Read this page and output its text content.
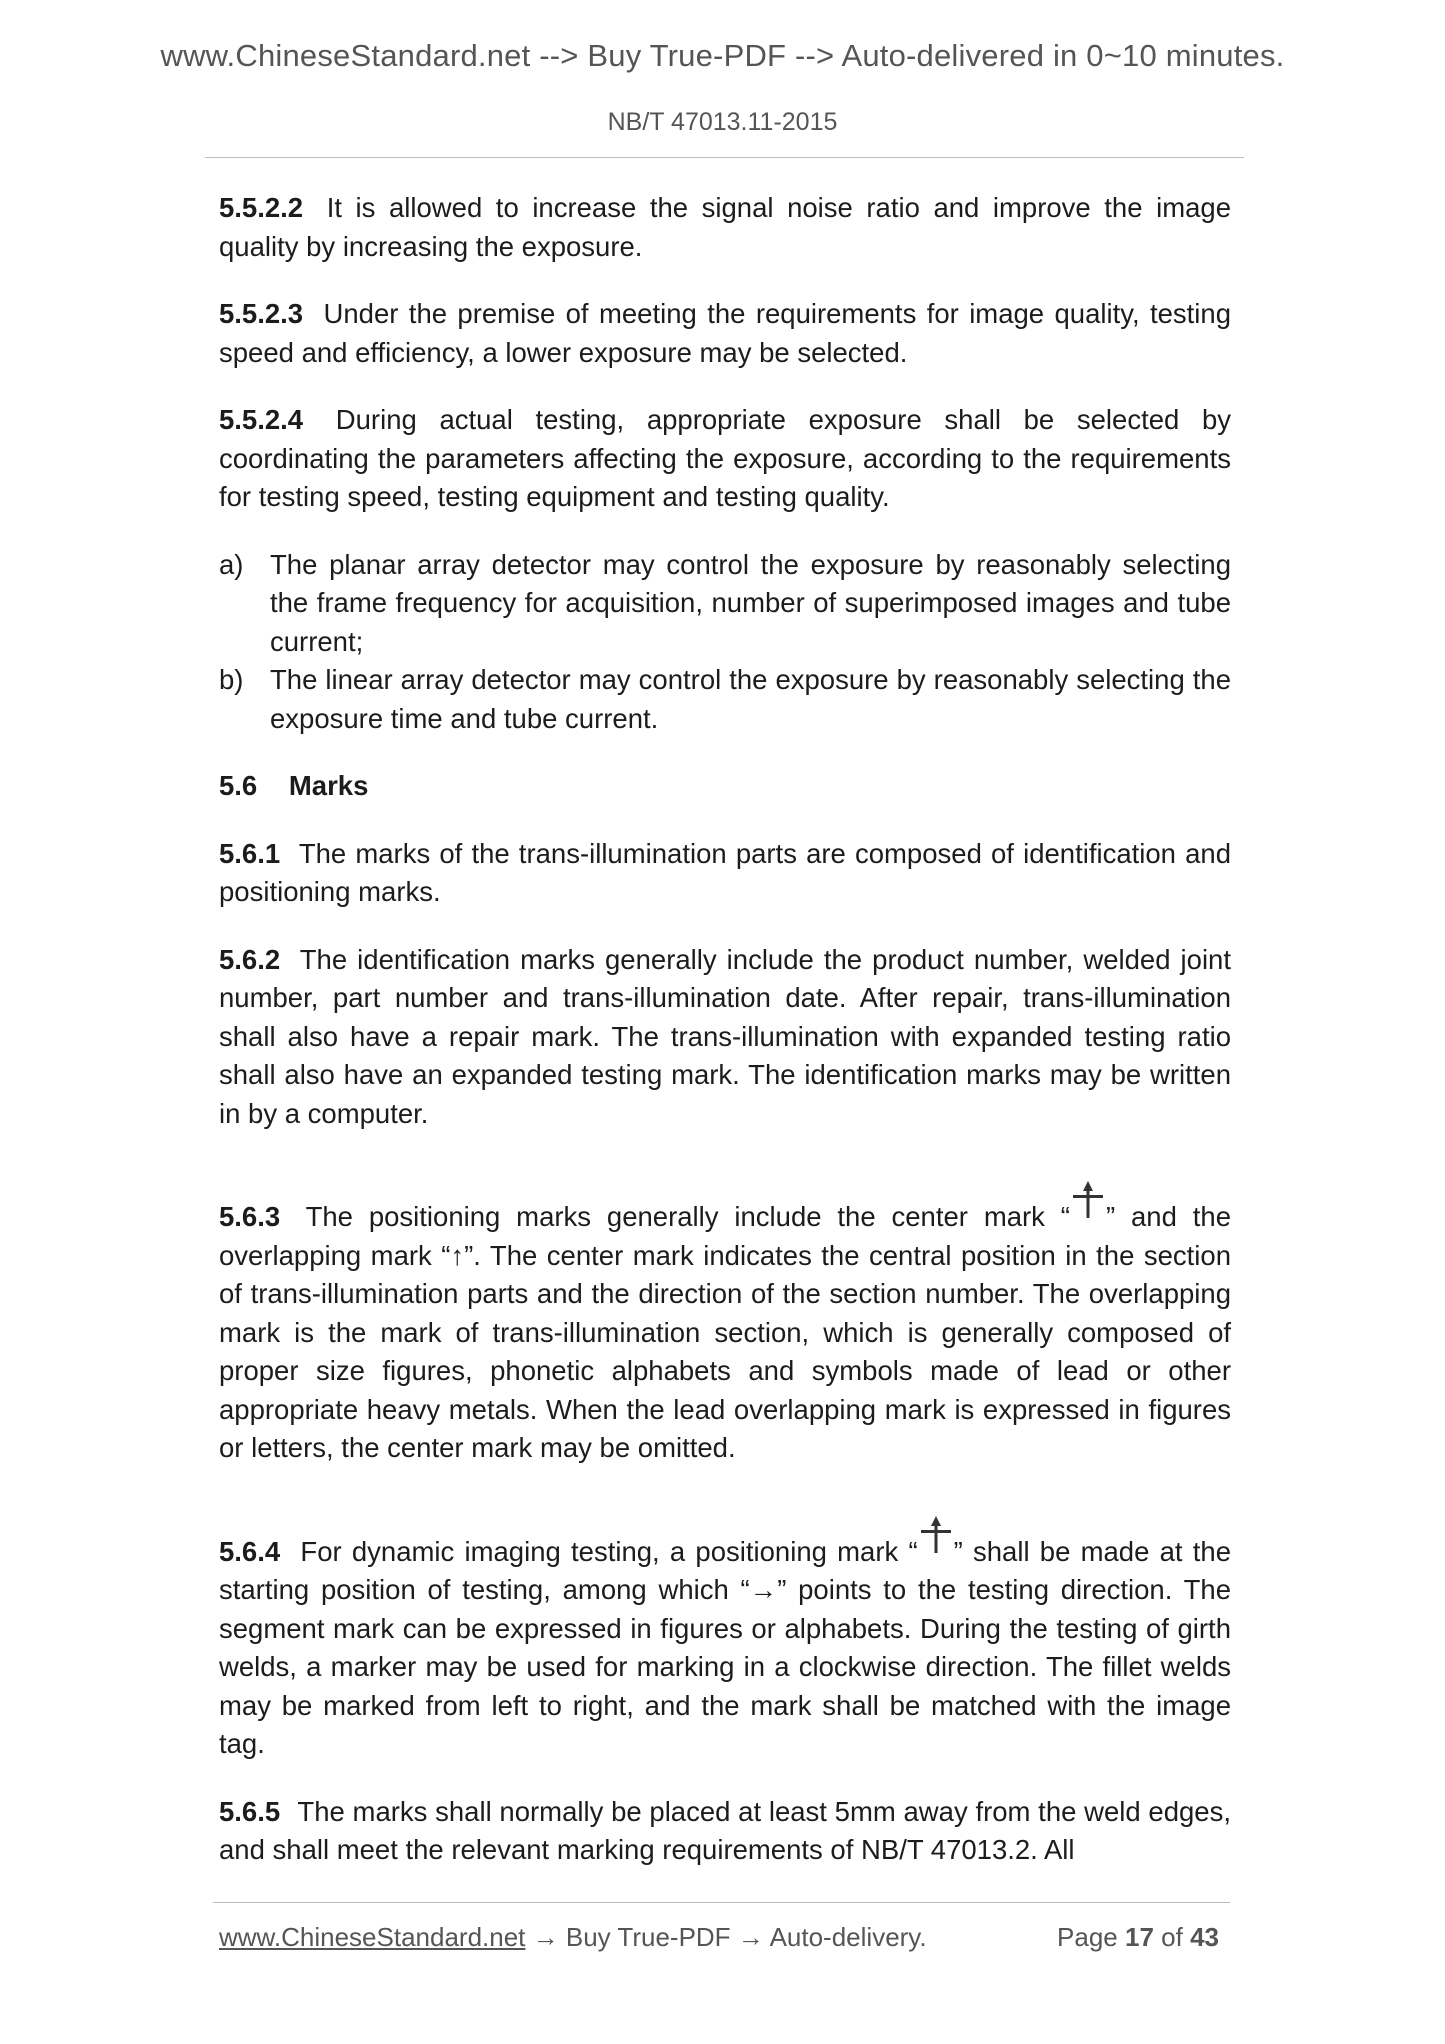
www.ChineseStandard.net --> Buy True-PDF --> Auto-delivered in 0~10 minutes.
NB/T 47013.11-2015

5.5.2.2 It is allowed to increase the signal noise ratio and improve the image quality by increasing the exposure.

5.5.2.3 Under the premise of meeting the requirements for image quality, testing speed and efficiency, a lower exposure may be selected.

5.5.2.4 During actual testing, appropriate exposure shall be selected by coordinating the parameters affecting the exposure, according to the requirements for testing speed, testing equipment and testing quality.

a) The planar array detector may control the exposure by reasonably selecting the frame frequency for acquisition, number of superimposed images and tube current;
b) The linear array detector may control the exposure by reasonably selecting the exposure time and tube current.

5.6 Marks

5.6.1 The marks of the trans-illumination parts are composed of identification and positioning marks.

5.6.2 The identification marks generally include the product number, welded joint number, part number and trans-illumination date. After repair, trans-illumination shall also have a repair mark. The trans-illumination with expanded testing ratio shall also have an expanded testing mark. The identification marks may be written in by a computer.

5.6.3 The positioning marks generally include the center mark “ ” and the overlapping mark “↑”. The center mark indicates the central position in the section of trans-illumination parts and the direction of the section number. The overlapping mark is the mark of trans-illumination section, which is generally composed of proper size figures, phonetic alphabets and symbols made of lead or other appropriate heavy metals. When the lead overlapping mark is expressed in figures or letters, the center mark may be omitted.

5.6.4 For dynamic imaging testing, a positioning mark “ ” shall be made at the starting position of testing, among which “→” points to the testing direction. The segment mark can be expressed in figures or alphabets. During the testing of girth welds, a marker may be used for marking in a clockwise direction. The fillet welds may be marked from left to right, and the mark shall be matched with the image tag.

5.6.5 The marks shall normally be placed at least 5mm away from the weld edges, and shall meet the relevant marking requirements of NB/T 47013.2. All

www.ChineseStandard.net → Buy True-PDF → Auto-delivery.	Page 17 of 43
